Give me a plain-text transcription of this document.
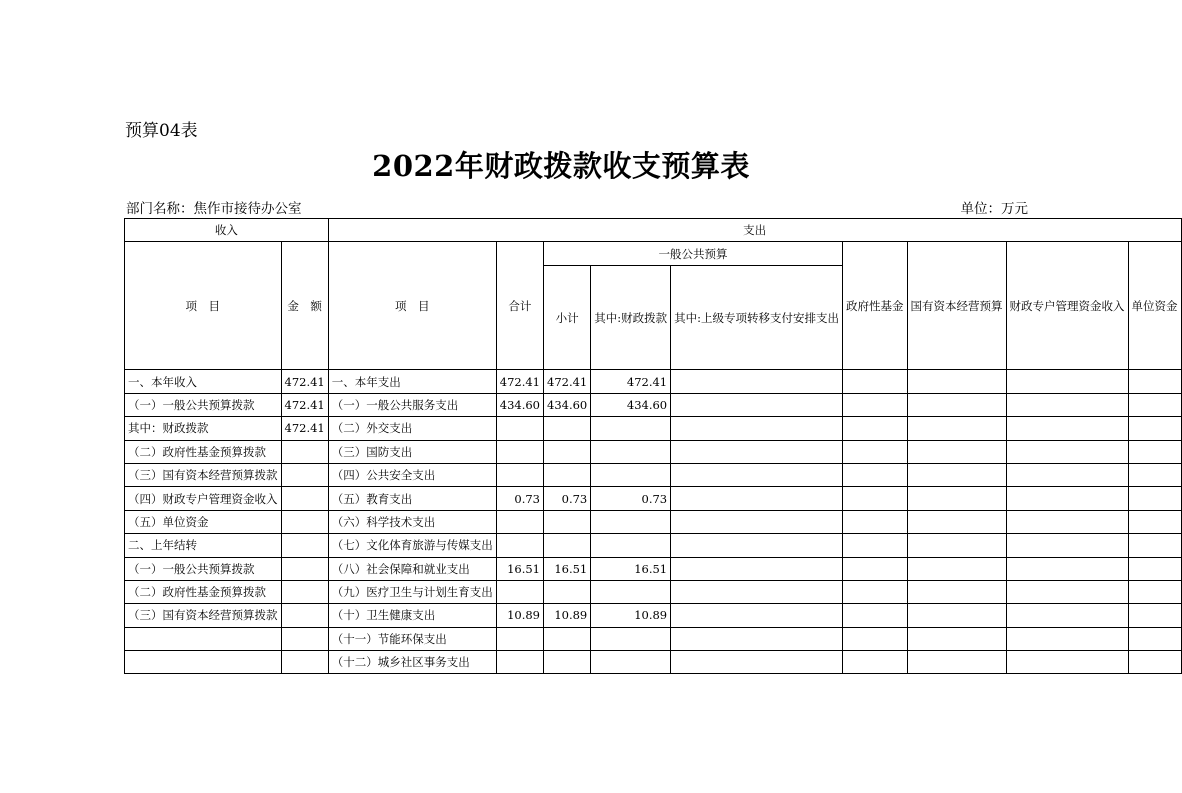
预算04表
2022年财政拨款收支预算表
部门名称：焦作市接待办公室	单位：万元
收入		支出								
项　目	金　额	项　目	合计	一般公共预算			政府性基金	国有资本经营预算	财政专户管理资金收入	单位资金
				小计	其中:财政拨款	其中:上级专项转移支付安排支出				

一、本年收入	472.41	一、本年支出	472.41	472.41	472.41					
（一）一般公共预算拨款	472.41	（一）一般公共服务支出	434.60	434.60	434.60					
其中：财政拨款	472.41	（二）外交支出								
（二）政府性基金预算拨款		（三）国防支出								
（三）国有资本经营预算拨款		（四）公共安全支出								
（四）财政专户管理资金收入		（五）教育支出	0.73	0.73	0.73					
（五）单位资金		（六）科学技术支出								
二、上年结转		（七）文化体育旅游与传媒支出								
（一）一般公共预算拨款		（八）社会保障和就业支出	16.51	16.51	16.51					
（二）政府性基金预算拨款		（九）医疗卫生与计划生育支出								
（三）国有资本经营预算拨款		（十）卫生健康支出	10.89	10.89	10.89					
		（十一）节能环保支出								
		（十二）城乡社区事务支出								
